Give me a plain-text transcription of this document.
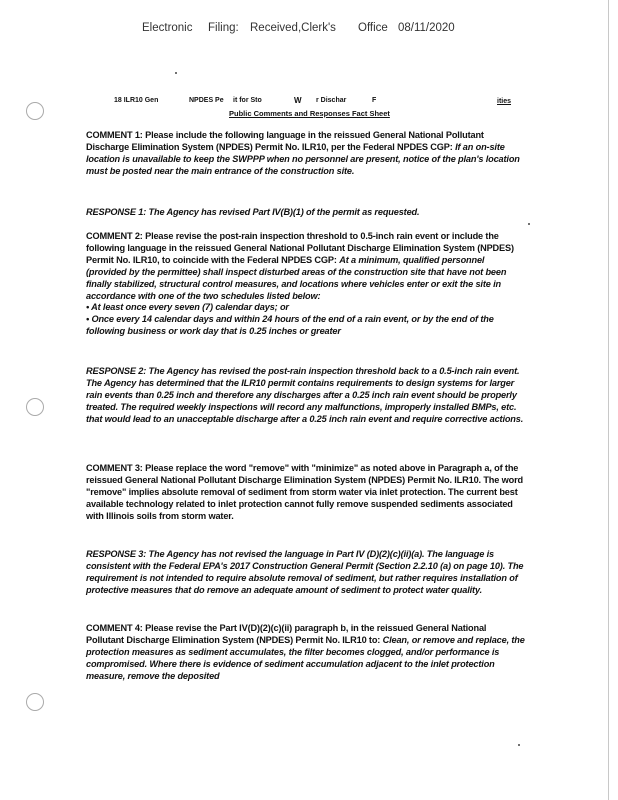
Electronic Filing: Received,Clerk's Office 08/11/2020
18 ILR10 Gen	NPDES Pe it for Sto	W r Dischar	F	ities
Public Comments and Responses Fact Sheet
COMMENT 1: Please include the following language in the reissued General National Pollutant Discharge Elimination System (NPDES) Permit No. ILR10, per the Federal NPDES CGP: If an on-site location is unavailable to keep the SWPPP when no personnel are present, notice of the plan's location must be posted near the main entrance of the construction site.
RESPONSE 1: The Agency has revised Part IV(B)(1) of the permit as requested.
COMMENT 2: Please revise the post-rain inspection threshold to 0.5-inch rain event or include the following language in the reissued General National Pollutant Discharge Elimination System (NPDES) Permit No. ILR10, to coincide with the Federal NPDES CGP: At a minimum, qualified personnel (provided by the permittee) shall inspect disturbed areas of the construction site that have not been finally stabilized, structural control measures, and locations where vehicles enter or exit the site in accordance with one of the two schedules listed below:
• At least once every seven (7) calendar days; or
• Once every 14 calendar days and within 24 hours of the end of a rain event, or by the end of the following business or work day that is 0.25 inches or greater
RESPONSE 2: The Agency has revised the post-rain inspection threshold back to a 0.5-inch rain event. The Agency has determined that the ILR10 permit contains requirements to design systems for larger rain events than 0.25 inch and therefore any discharges after a 0.25 inch rain event should be properly treated. The required weekly inspections will record any malfunctions, improperly installed BMPs, etc. that would lead to an unacceptable discharge after a 0.25 inch rain event and require corrective actions.
COMMENT 3: Please replace the word "remove" with "minimize" as noted above in Paragraph a, of the reissued General National Pollutant Discharge Elimination System (NPDES) Permit No. ILR10. The word "remove" implies absolute removal of sediment from storm water via inlet protection. The current best available technology related to inlet protection cannot fully remove suspended sediments associated with Illinois soils from storm water.
RESPONSE 3: The Agency has not revised the language in Part IV (D)(2)(c)(ii)(a). The language is consistent with the Federal EPA's 2017 Construction General Permit (Section 2.2.10 (a) on page 10). The requirement is not intended to require absolute removal of sediment, but rather requires installation of protective measures that do remove an adequate amount of sediment to protect water quality.
COMMENT 4: Please revise the Part IV(D)(2)(c)(ii) paragraph b, in the reissued General National Pollutant Discharge Elimination System (NPDES) Permit No. ILR10 to: Clean, or remove and replace, the protection measures as sediment accumulates, the filter becomes clogged, and/or performance is compromised. Where there is evidence of sediment accumulation adjacent to the inlet protection measure, remove the deposited
